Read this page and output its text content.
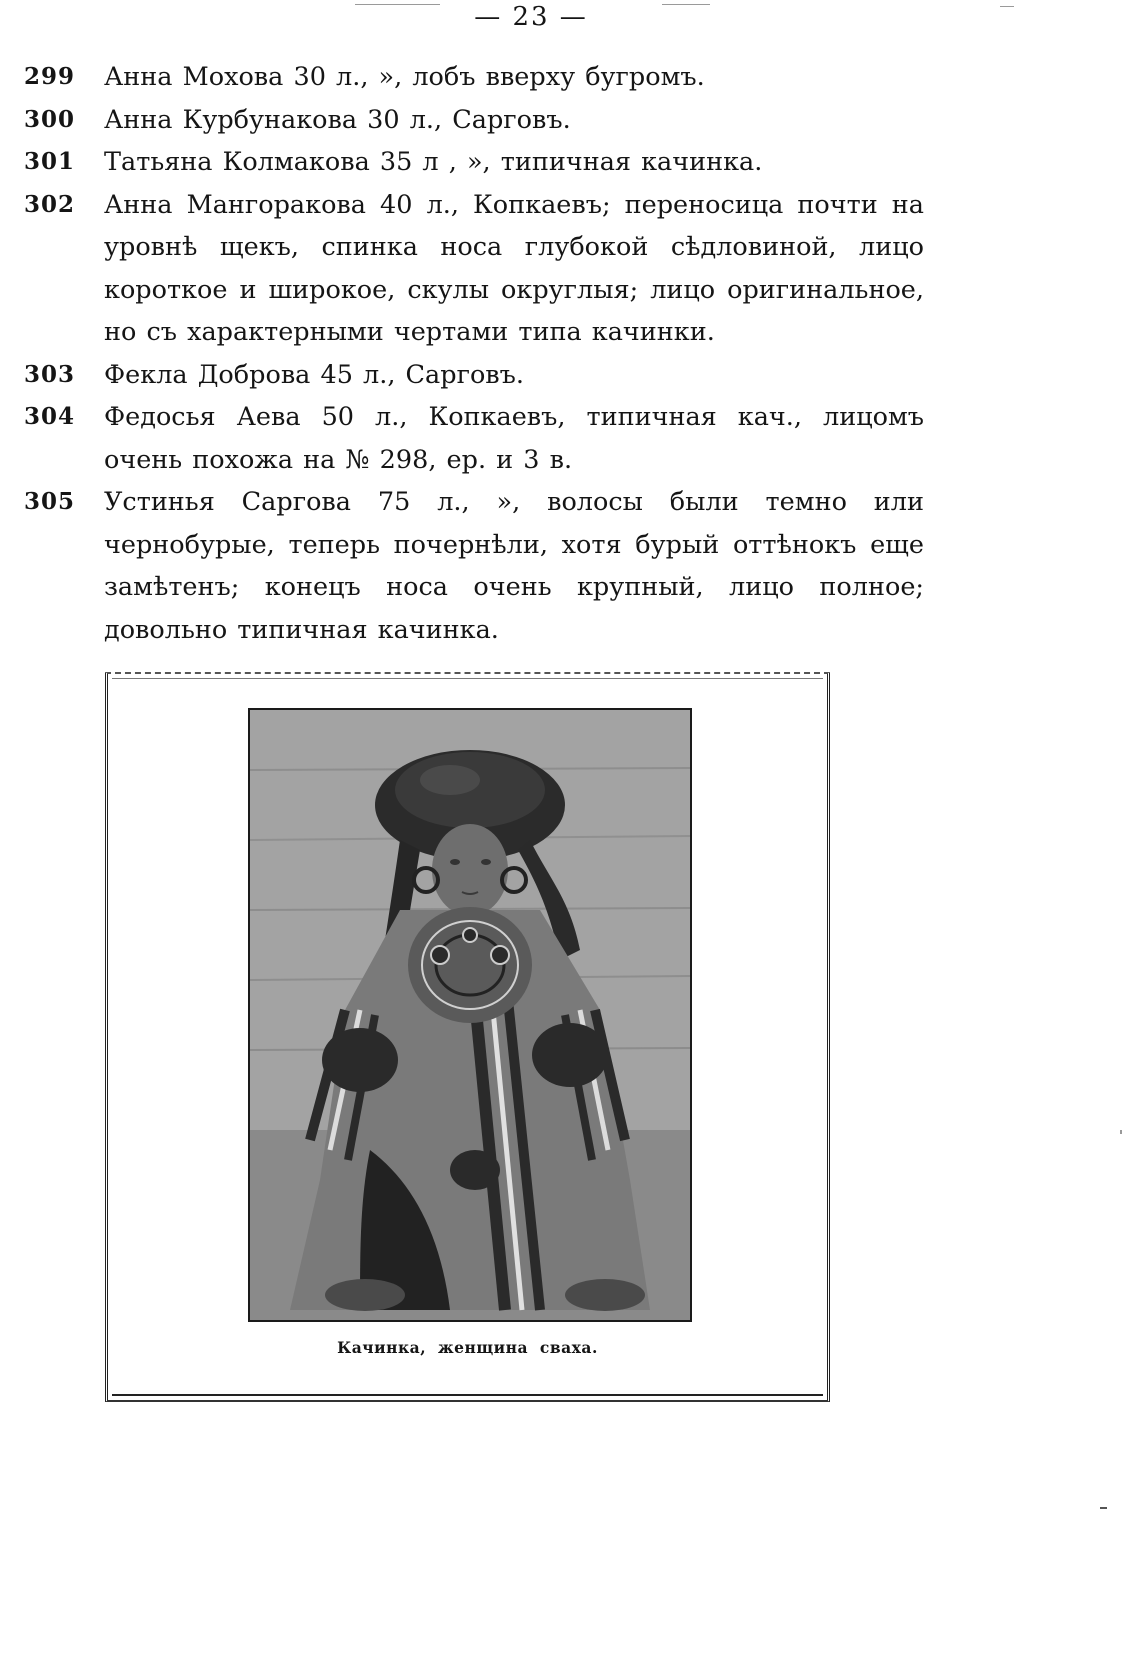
— 23 —
299	Анна Мохова 30 л., », лобъ вверху бугромъ.
300	Анна Курбунакова 30 л., Сарговъ.
301	Татьяна Колмакова 35 л , », типичная качинка.
302	Анна Мангоракова 40 л., Копкаевъ; переносица почти на уровнѣ щекъ, спинка носа глубокой сѣдловиной, лицо короткое и широкое, скулы округлыя; лицо оригинальное, но съ характерными чертами типа качинки.
303	Фекла Доброва 45 л., Сарговъ.
304	Федосья Аева 50 л., Копкаевъ, типичная кач., лицомъ очень похожа на № 298, ер. и 3 в.
305	Устинья Саргова 75 л., », волосы были темно или чернобурые, теперь почернѣли, хотя бурый оттѣнокъ еще замѣтенъ; конецъ носа очень крупный, лицо полное; довольно типичная качинка.
Качинка, женщина сваха.
